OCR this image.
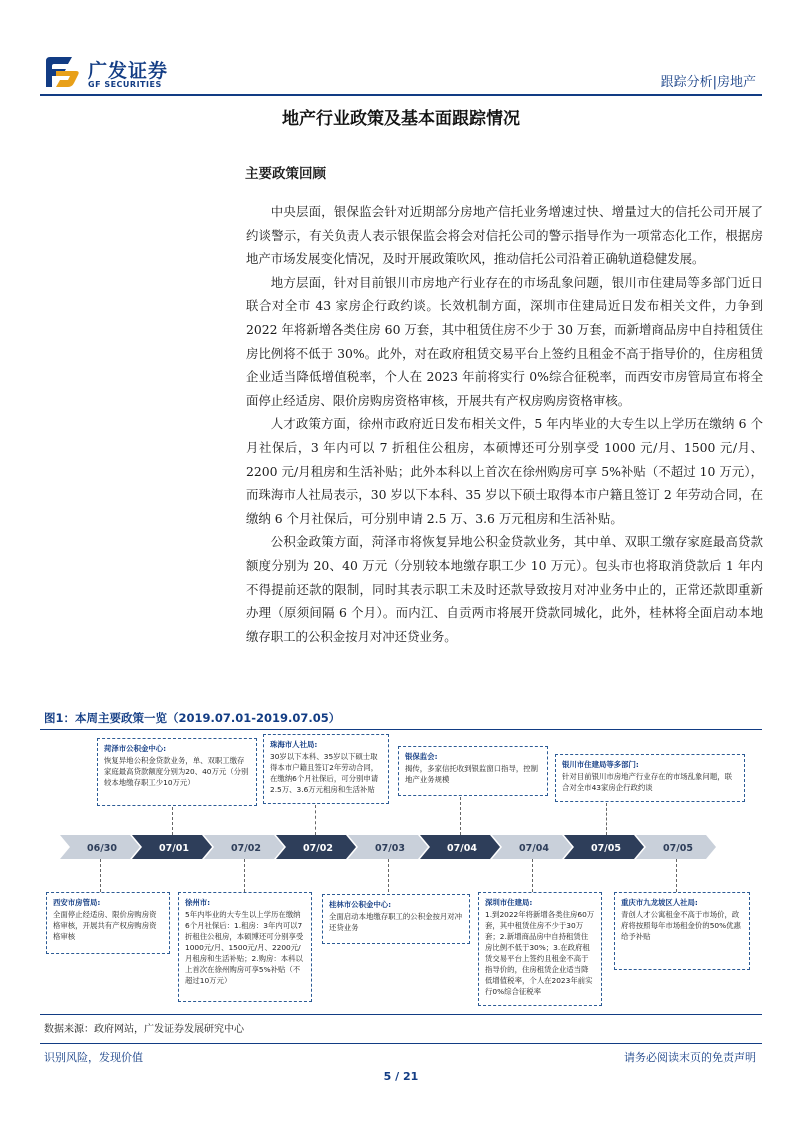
广发证券
GF SECURITIES	跟踪分析|房地产
地产行业政策及基本面跟踪情况
主要政策回顾

中央层面，银保监会针对近期部分房地产信托业务增速过快、增量过大的信托公司开展了约谈警示，有关负责人表示银保监会将会对信托公司的警示指导作为一项常态化工作，根据房地产市场发展变化情况，及时开展政策吹风，推动信托公司沿着正确轨道稳健发展。

地方层面，针对目前银川市房地产行业存在的市场乱象问题，银川市住建局等多部门近日联合对全市 43 家房企行政约谈。长效机制方面，深圳市住建局近日发布相关文件，力争到 2022 年将新增各类住房 60 万套，其中租赁住房不少于 30 万套，而新增商品房中自持租赁住房比例将不低于 30%。此外，对在政府租赁交易平台上签约且租金不高于指导价的，住房租赁企业适当降低增值税率，个人在 2023 年前将实行 0%综合征税率，而西安市房管局宣布将全面停止经适房、限价房购房资格审核，开展共有产权房购房资格审核。

人才政策方面，徐州市政府近日发布相关文件，5 年内毕业的大专生以上学历在缴纳 6 个月社保后，3 年内可以 7 折租住公租房，本硕博还可分别享受 1000 元/月、1500 元/月、2200 元/月租房和生活补贴；此外本科以上首次在徐州购房可享 5%补贴（不超过 10 万元），而珠海市人社局表示，30 岁以下本科、35 岁以下硕士取得本市户籍且签订 2 年劳动合同，在缴纳 6 个月社保后，可分别申请 2.5 万、3.6 万元租房和生活补贴。

公积金政策方面，菏泽市将恢复异地公积金贷款业务，其中单、双职工缴存家庭最高贷款额度分别为 20、40 万元（分别较本地缴存职工少 10 万元）。包头市也将取消贷款后 1 年内不得提前还款的限制，同时其表示职工未及时还款导致按月对冲业务中止的，正常还款即重新办理（原须间隔 6 个月）。而内江、自贡两市将展开贷款同城化，此外，桂林将全面启动本地缴存职工的公积金按月对冲还贷业务。

图1：本周主要政策一览（2019.07.01-2019.07.05）
菏泽市公积金中心:
恢复异地公积金贷款业务，单、双职工缴存家庭最高贷款额度分别为20、40万元（分别较本地缴存职工少10万元）
珠海市人社局:
30岁以下本科、35岁以下硕士取得本市户籍且签订2年劳动合同，在缴纳6个月社保后，可分别申请2.5万、3.6万元租房和生活补贴
银保监会:
揭传，多家信托收到银监窗口指导，控制地产业务规模
银川市住建局等多部门:
针对目前银川市房地产行业存在的市场乱象问题，联合对全市43家房企行政约谈
06/30	07/01	07/02	07/02	07/03	07/04	07/04	07/05	07/05
西安市房管局:
全面停止经适房、限价房购房资格审核，开展共有产权房购房资格审核
徐州市:
5年内毕业的大专生以上学历在缴纳6个月社保后：1.租房：3年内可以7折租住公租房，本硕博还可分别享受1000元/月、1500元/月、2200元/月租房和生活补贴；2.购房：本科以上首次在徐州购房可享5%补贴（不超过10万元）
桂林市公积金中心:
全面启动本地缴存职工的公积金按月对冲还贷业务
深圳市住建局:
1.到2022年将新增各类住房60万套，其中租赁住房不少于30万套；2.新增商品房中自持租赁住房比例不低于30%；3.在政府租赁交易平台上签约且租金不高于指导价的，住房租赁企业适当降低增值税率，个人在2023年前实行0%综合征税率
重庆市九龙坡区人社局:
青创人才公寓租金不高于市场价，政府将按照每年市场租金价的50%优惠给予补贴
数据来源：政府网站，广发证券发展研究中心
识别风险，发现价值	请务必阅读末页的免责声明
5 / 21
